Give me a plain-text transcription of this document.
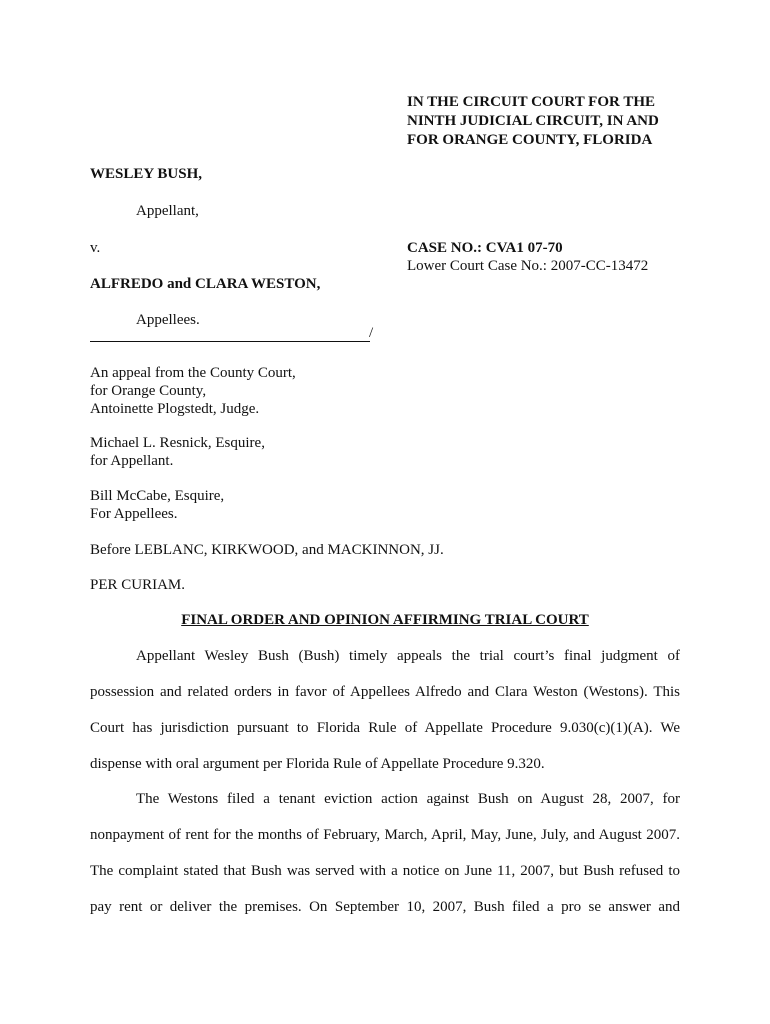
IN THE CIRCUIT COURT FOR THE
NINTH JUDICIAL CIRCUIT, IN AND
FOR ORANGE COUNTY, FLORIDA
WESLEY BUSH,
Appellant,
v.	CASE NO.: CVA1 07-70
Lower Court Case No.: 2007-CC-13472
ALFREDO and CLARA WESTON,
Appellees.
/
An appeal from the County Court,
for Orange County,
Antoinette Plogstedt, Judge.
Michael L. Resnick, Esquire,
for Appellant.
Bill McCabe, Esquire,
For Appellees.
Before LEBLANC, KIRKWOOD, and MACKINNON, JJ.
PER CURIAM.
FINAL ORDER AND OPINION AFFIRMING TRIAL COURT
Appellant Wesley Bush (Bush) timely appeals the trial court’s final judgment of
possession and related orders in favor of Appellees Alfredo and Clara Weston (Westons). This
Court has jurisdiction pursuant to Florida Rule of Appellate Procedure 9.030(c)(1)(A). We
dispense with oral argument per Florida Rule of Appellate Procedure 9.320.
The Westons filed a tenant eviction action against Bush on August 28, 2007, for
nonpayment of rent for the months of February, March, April, May, June, July, and August 2007.
The complaint stated that Bush was served with a notice on June 11, 2007, but Bush refused to
pay rent or deliver the premises. On September 10, 2007, Bush filed a pro se answer and
